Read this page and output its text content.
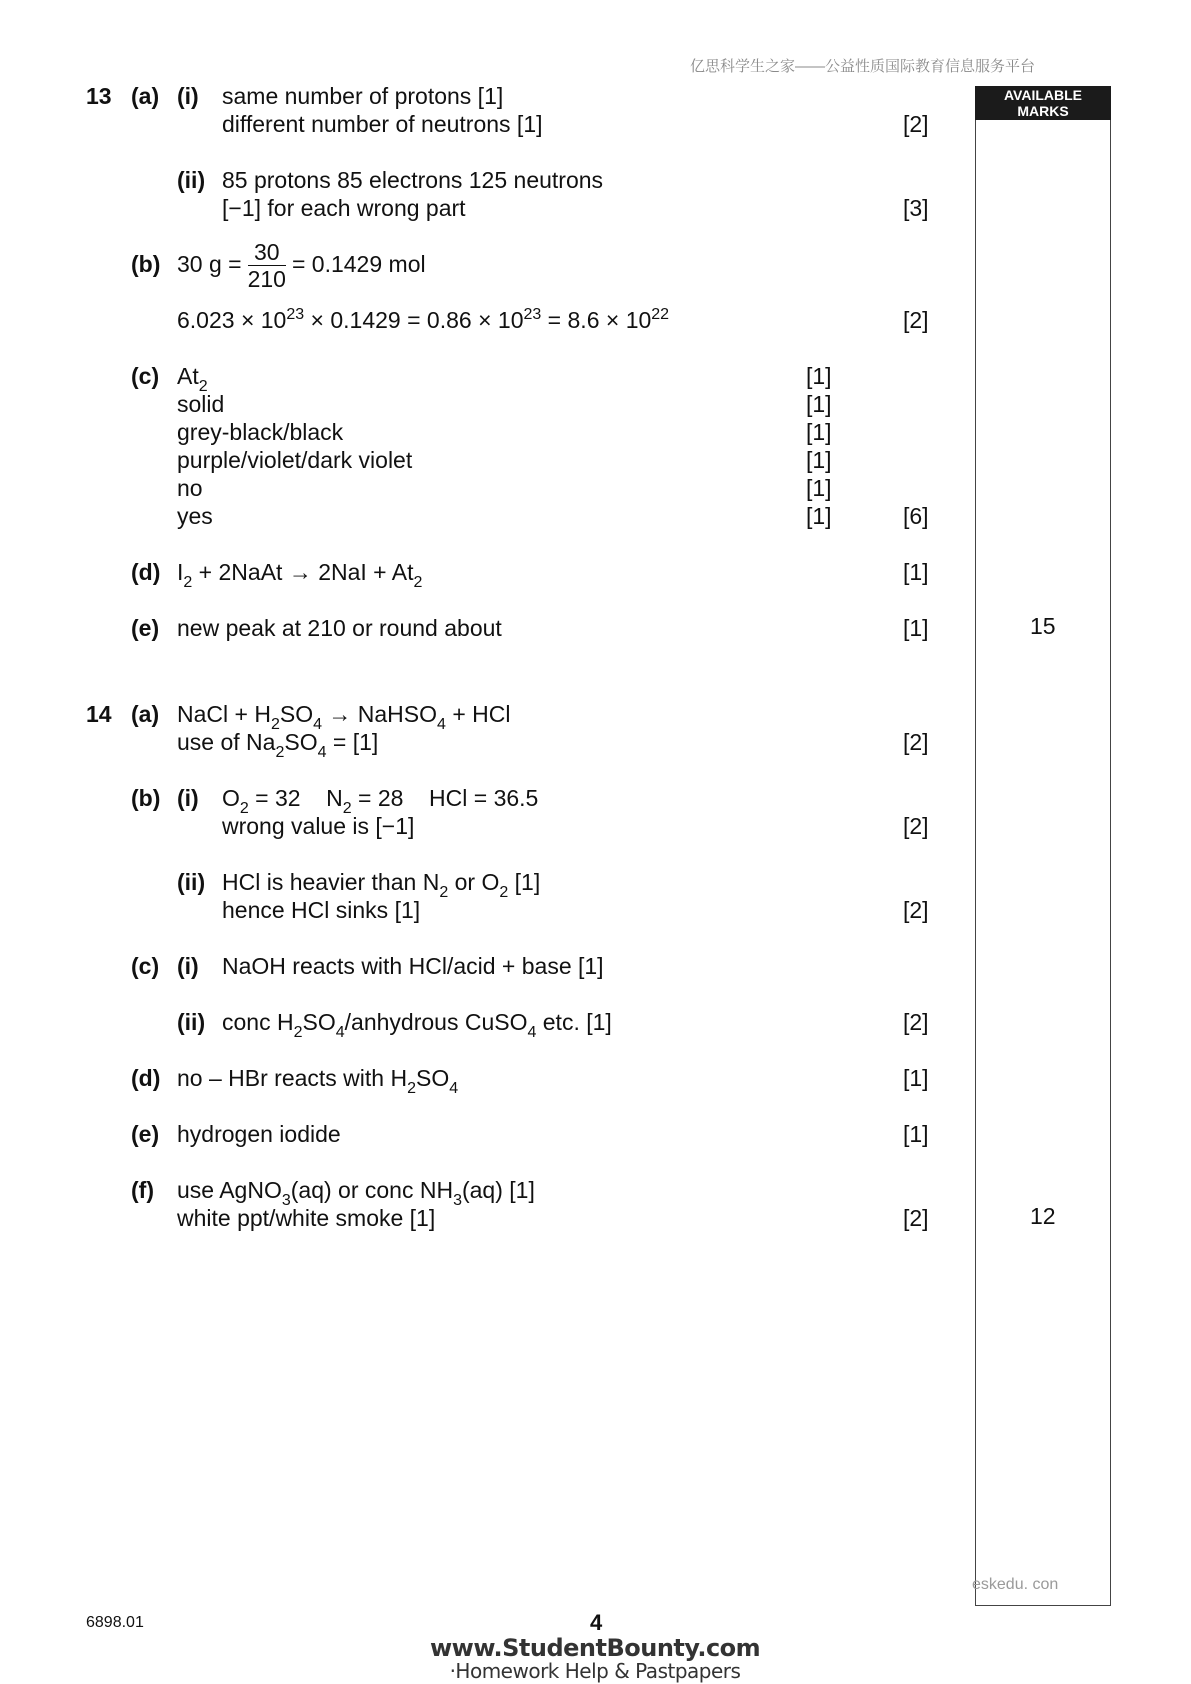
亿思科学生之家——公益性质国际教育信息服务平台
AVAILABLE
MARKS
13 (a) (i) same number of protons [1]
different number of neutrons [1]	[2]
(ii) 85 protons 85 electrons 125 neutrons
[−1] for each wrong part	[3]
(b) 30 $g = \frac{30}{210} = 0.1429$ mol
$6.023 \times 10^{23} \times 0.1429 = 0.86 \times 10^{23} = 8.6 \times 10^{22}$	[2]
(c) $At_2$	[1]
solid	[1]
grey-black/black	[1]
purple/violet/dark violet	[1]
no	[1]
yes	[1]	[6]
(d) $I_2$ + 2NaAt → $2NaI + At_2$	[1]
(e) new peak at 210 or round about	[1]	15
14 (a) NaCl + $H_2SO_4$ → NaHSO$_4$ + HCl
use of $Na_2SO_4 = [1]$	[2]
(b) (i) $O_2 = 32$    $N_2 = 28$    HCl = 36.5
wrong value is [−1]	[2]
(ii) HCl is heavier than $N_2$ or $O_2$ [1]
hence HCl sinks [1]	[2]
(c) (i) NaOH reacts with HCl/acid + base [1]
(ii) conc $H_2SO_4$/anhydrous CuSO$_4$ etc. [1]	[2]
(d) no – HBr reacts with $H_2SO_4$	[1]
(e) hydrogen iodide	[1]
(f) use AgNO$_3$(aq) or conc $NH_3(aq)$ [1]
white ppt/white smoke [1]	[2]	12
eskedu. con
6898.01	4
www.StudentBounty.com
·Homework Help & Pastpapers
